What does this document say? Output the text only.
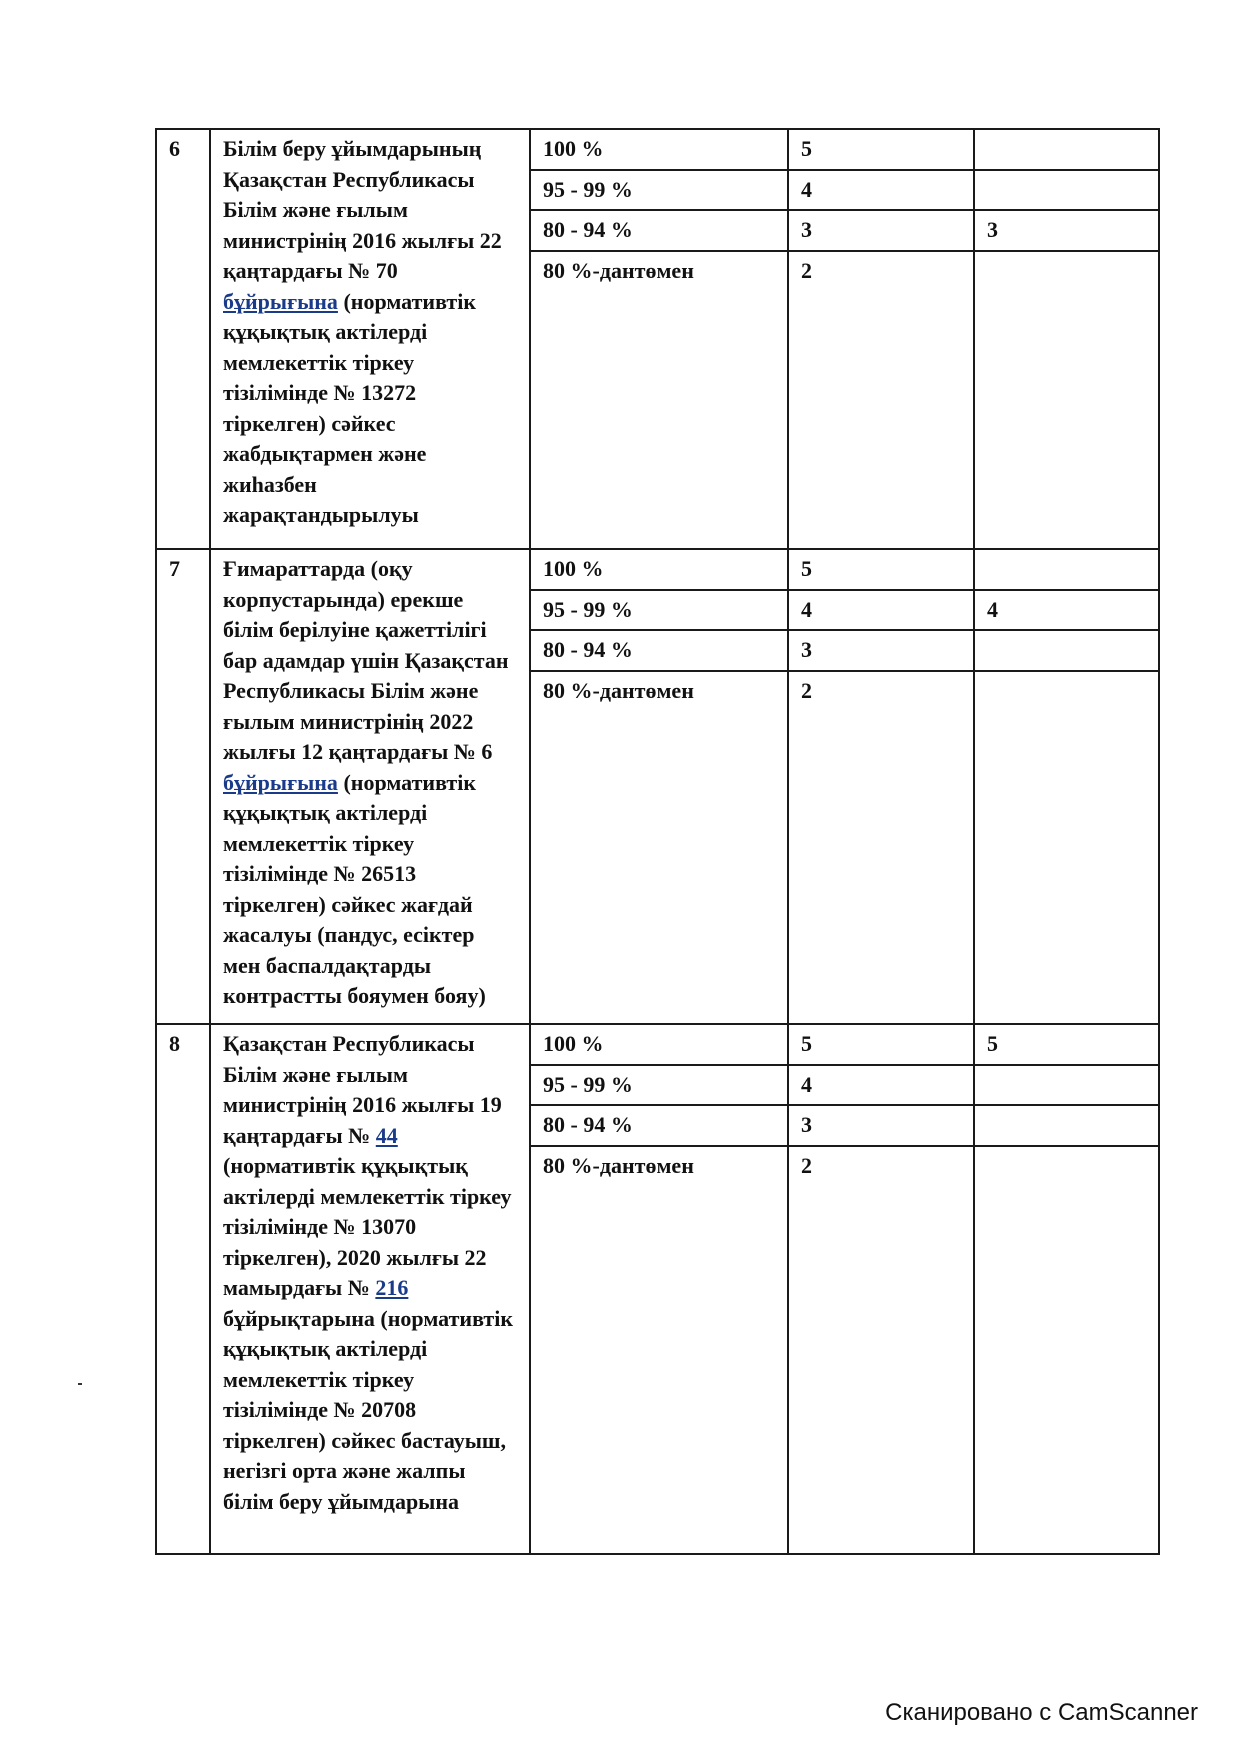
6	Білім беру ұйымдарының Қазақстан Республикасы Білім және ғылым министрінің 2016 жылғы 22 қаңтардағы № 70 бұйрығына (нормативтік құқықтық актілерді мемлекеттік тіркеу тізілімінде № 13272 тіркелген) сәйкес жабдықтармен және жиһазбен жарақтандырылуы	100 %	5	
		95 - 99 %	4	
		80 - 94 %	3	3
		80 %-дантөмен	2	
7	Ғимараттарда (оқу корпустарында) ерекше білім берілуіне қажеттілігі бар адамдар үшін Қазақстан Республикасы Білім және ғылым министрінің 2022 жылғы 12 қаңтардағы № 6 бұйрығына (нормативтік құқықтық актілерді мемлекеттік тіркеу тізілімінде № 26513 тіркелген) сәйкес жағдай жасалуы (пандус, есіктер мен баспалдақтарды контрастты бояумен бояу)	100 %	5	
		95 - 99 %	4	4
		80 - 94 %	3	
		80 %-дантөмен	2	
8	Қазақстан Республикасы Білім және ғылым министрінің 2016 жылғы 19 қаңтардағы № 44 (нормативтік құқықтық актілерді мемлекеттік тіркеу тізілімінде № 13070 тіркелген), 2020 жылғы 22 мамырдағы № 216 бұйрықтарына (нормативтік құқықтық актілерді мемлекеттік тіркеу тізілімінде № 20708 тіркелген) сәйкес бастауыш, негізгі орта және жалпы білім беру ұйымдарына	100 %	5	5
		95 - 99 %	4	
		80 - 94 %	3	
		80 %-дантөмен	2	
Сканировано с CamScanner
